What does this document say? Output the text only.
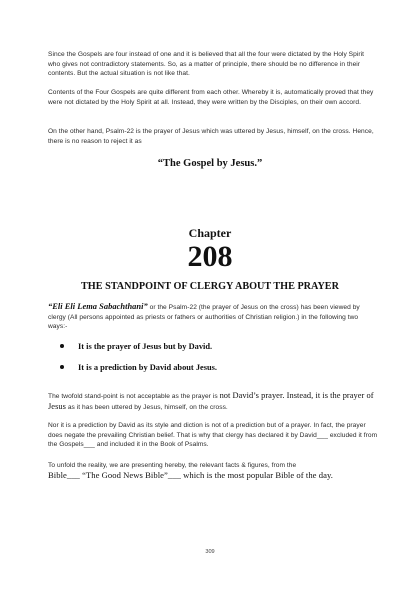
Since the Gospels are four instead of one and it is believed that all the four were dictated by the Holy Spirit who gives not contradictory statements. So, as a matter of principle, there should be no difference in their contents. But the actual situation is not like that.

Contents of the Four Gospels are quite different from each other. Whereby it is, automatically proved that they were not dictated by the Holy Spirit at all. Instead, they were written by the Disciples, on their own accord.

On the other hand, Psalm-22 is the prayer of Jesus which was uttered by Jesus, himself, on the cross. Hence, there is no reason to reject it as

“The Gospel by Jesus.”

Chapter

208

THE STANDPOINT OF CLERGY ABOUT THE PRAYER

“Eli Eli Lema Sabachthani” or the Psalm-22 (the prayer of Jesus on the cross) has been viewed by clergy (All persons appointed as priests or fathers or authorities of Christian religion.) in the following two ways:-

It is the prayer of Jesus but by David.
It is a prediction by David about Jesus.

The twofold stand-point is not acceptable as the prayer is not David’s prayer. Instead, it is the prayer of Jesus as it has been uttered by Jesus, himself, on the cross.

Nor it is a prediction by David as its style and diction is not of a prediction but of a prayer. In fact, the prayer does negate the prevailing Christian belief. That is why that clergy has declared it by David___ excluded it from the Gospels___ and included it in the Book of Psalms.

To unfold the reality, we are presenting hereby, the relevant facts & figures, from the
Bible___ “The Good News Bible”___ which is the most popular Bible of the day.

309
